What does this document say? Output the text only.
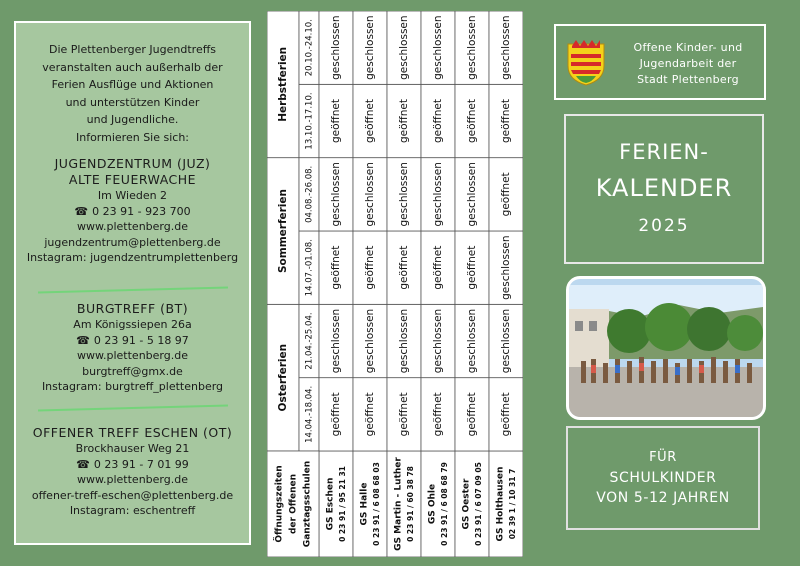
Die Plettenberger Jugendtreffs
veranstalten auch außerhalb der
Ferien Ausflüge und Aktionen
und unterstützen Kinder
und Jugendliche.
Informieren Sie sich:
JUGENDZENTRUM (JUZ)
ALTE FEUERWACHE
Im Wieden 2
☎ 0 23 91 - 923 700
www.plettenberg.de
jugendzentrum@plettenberg.de
Instagram: jugendzentrumplettenberg
BURGTREFF (BT)
Am Königssiepen 26a
☎ 0 23 91 - 5 18 97
www.plettenberg.de
burgtreff@gmx.de
Instagram: burgtreff_plettenberg
OFFENER TREFF ESCHEN (OT)
Brockhauser Weg 21
☎ 0 23 91 - 7 01 99
www.plettenberg.de
offener-treff-eschen@plettenberg.de
Instagram: eschentreff
Osterferien
Sommerferien
Herbstferien
14.04.-18.04.
21.04.-25.04.
14.07.-01.08.
04.08.-26.08.
13.10.-17.10.
20.10.-24.10.
GS Eschen 0 23 91 / 95 21 31
geöffnet
geschlossen
geöffnet
geschlossen
geöffnet
geschlossen
GS Halle 0 23 91 / 6 08 68 03
geöffnet
geschlossen
geöffnet
geschlossen
geöffnet
geschlossen
GS Martin - Luther 0 23 91 / 60 38 78
geöffnet
geschlossen
geöffnet
geschlossen
geöffnet
geschlossen
GS Ohle 0 23 91 / 6 08 68 79
geöffnet
geschlossen
geöffnet
geschlossen
geöffnet
geschlossen
GS Oester 0 23 91 / 6 07 09 05
geöffnet
geschlossen
geöffnet
geschlossen
geöffnet
geschlossen
GS Holthausen 02 39 1 / 10 31 7
geöffnet
geschlossen
geschlossen
geöffnet
geöffnet
geschlossen
Öffnungszeiten der Offenen Ganztagsschulen
Offene Kinder- und
Jugendarbeit der
Stadt Plettenberg
FERIEN-
KALENDER
2025
FÜR
SCHULKINDER
VON 5-12 JAHREN
